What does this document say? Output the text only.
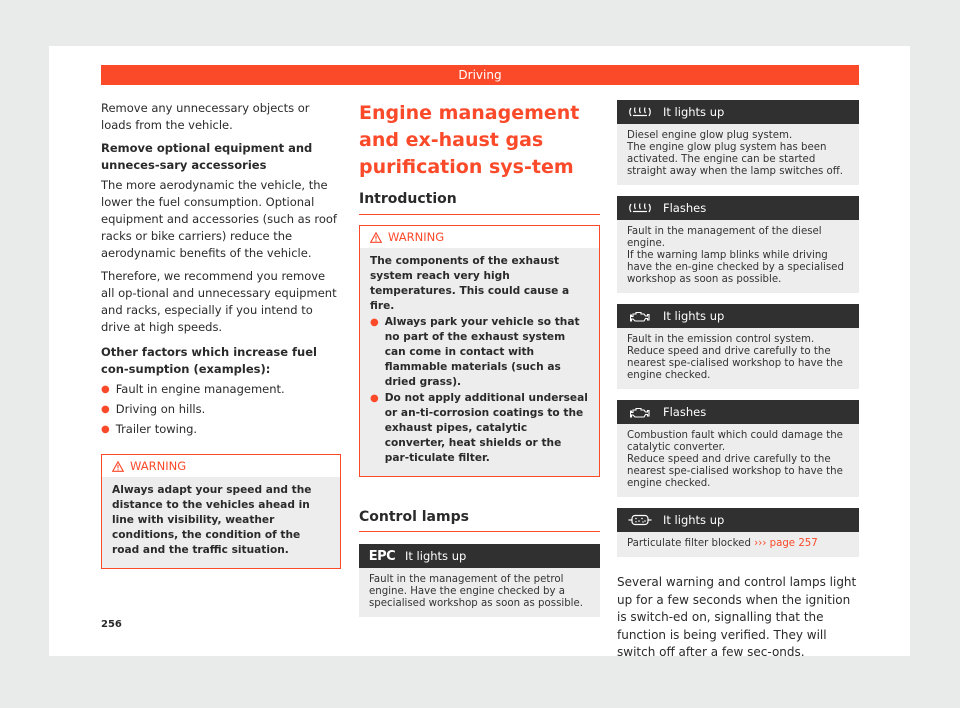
Driving

Remove any unnecessary objects or loads from the vehicle.

Remove optional equipment and unneces-sary accessories

The more aerodynamic the vehicle, the lower the fuel consumption. Optional equipment and accessories (such as roof racks or bike carriers) reduce the aerodynamic benefits of the vehicle.

Therefore, we recommend you remove all op-tional and unnecessary equipment and racks, especially if you intend to drive at high speeds.

Other factors which increase fuel con-sumption (examples):

● Fault in engine management.
● Driving on hills.
● Trailer towing.
WARNING

Always adapt your speed and the distance to the vehicles ahead in line with visibility, weather conditions, the condition of the road and the traffic situation.

Engine management and ex-haust gas purification sys-tem
Introduction
WARNING

The components of the exhaust system reach very high temperatures. This could cause a fire.

● Always park your vehicle so that no part of the exhaust system can come in contact with flammable materials (such as dried grass).
● Do not apply additional underseal or an-ti-corrosion coatings to the exhaust pipes, catalytic converter, heat shields or the par-ticulate filter.
Control lamps
EPC It lights up

Fault in the management of the petrol engine. Have the engine checked by a specialised workshop as soon as possible.

It lights up

Diesel engine glow plug system.

The engine glow plug system has been activated. The engine can be started straight away when the lamp switches off.

Flashes

Fault in the management of the diesel engine.

If the warning lamp blinks while driving have the en-gine checked by a specialised workshop as soon as possible.

It lights up

Fault in the emission control system.

Reduce speed and drive carefully to the nearest spe-cialised workshop to have the engine checked.

Flashes

Combustion fault which could damage the catalytic converter.

Reduce speed and drive carefully to the nearest spe-cialised workshop to have the engine checked.

It lights up

Particulate filter blocked ››› page 257

Several warning and control lamps light up for a few seconds when the ignition is switch-ed on, signalling that the function is being verified. They will switch off after a few sec-onds.

256
